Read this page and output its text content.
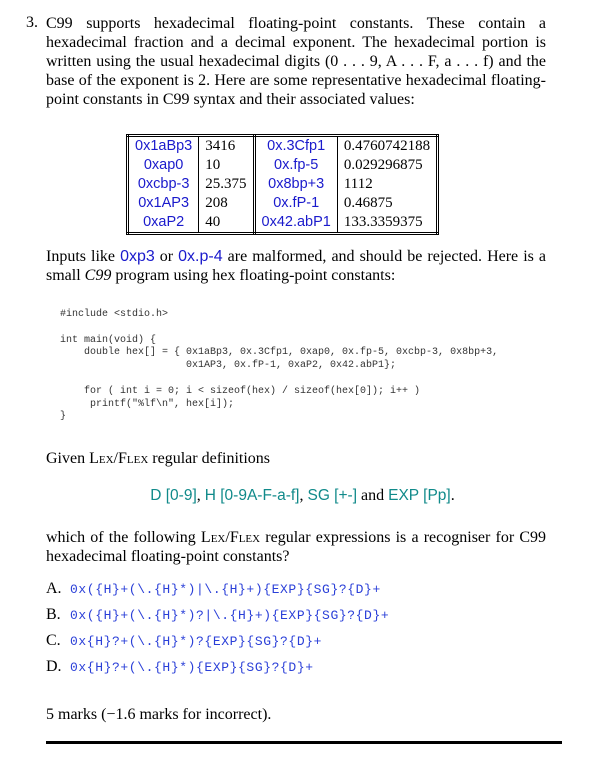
3. C99 supports hexadecimal floating-point constants. These contain a hexadecimal fraction and a decimal exponent. The hexadecimal portion is written using the usual hexadecimal digits (0 . . . 9, A . . . F, a . . . f) and the base of the exponent is 2. Here are some representative hexadecimal floating-point constants in C99 syntax and their associated values:
0x1aBp3	3416	0x.3Cfp1	0.4760742188
0xap0	10	0x.fp-5	0.029296875
0xcbp-3	25.375	0x8bp+3	1112
0x1AP3	208	0x.fP-1	0.46875
0xaP2	40	0x42.abP1	133.3359375
Inputs like 0xp3 or 0x.p-4 are malformed, and should be rejected. Here is a small C99 program using hex floating-point constants:
#include <stdio.h>

int main(void) {
double hex[] = { 0x1aBp3, 0x.3Cfp1, 0xap0, 0x.fp-5, 0xcbp-3, 0x8bp+3,
0x1AP3, 0x.fP-1, 0xaP2, 0x42.abP1};

for ( int i = 0; i < sizeof(hex) / sizeof(hex[0]); i++ )
printf("%lf\n", hex[i]);
}
Given Lex/Flex regular definitions
D [0-9], H [0-9A-F-a-f], SG [+-] and EXP [Pp].
which of the following Lex/Flex regular expressions is a recogniser for C99 hexadecimal floating-point constants?
A. 0x({H}+(\.{H}*)|\.{H}+){EXP}{SG}?{D}+
B. 0x({H}+(\.{H}*)?|\.{H}+){EXP}{SG}?{D}+
C. 0x{H}?+(\.{H}*)?{EXP}{SG}?{D}+
D. 0x{H}?+(\.{H}*){EXP}{SG}?{D}+
5 marks (−1.6 marks for incorrect).
